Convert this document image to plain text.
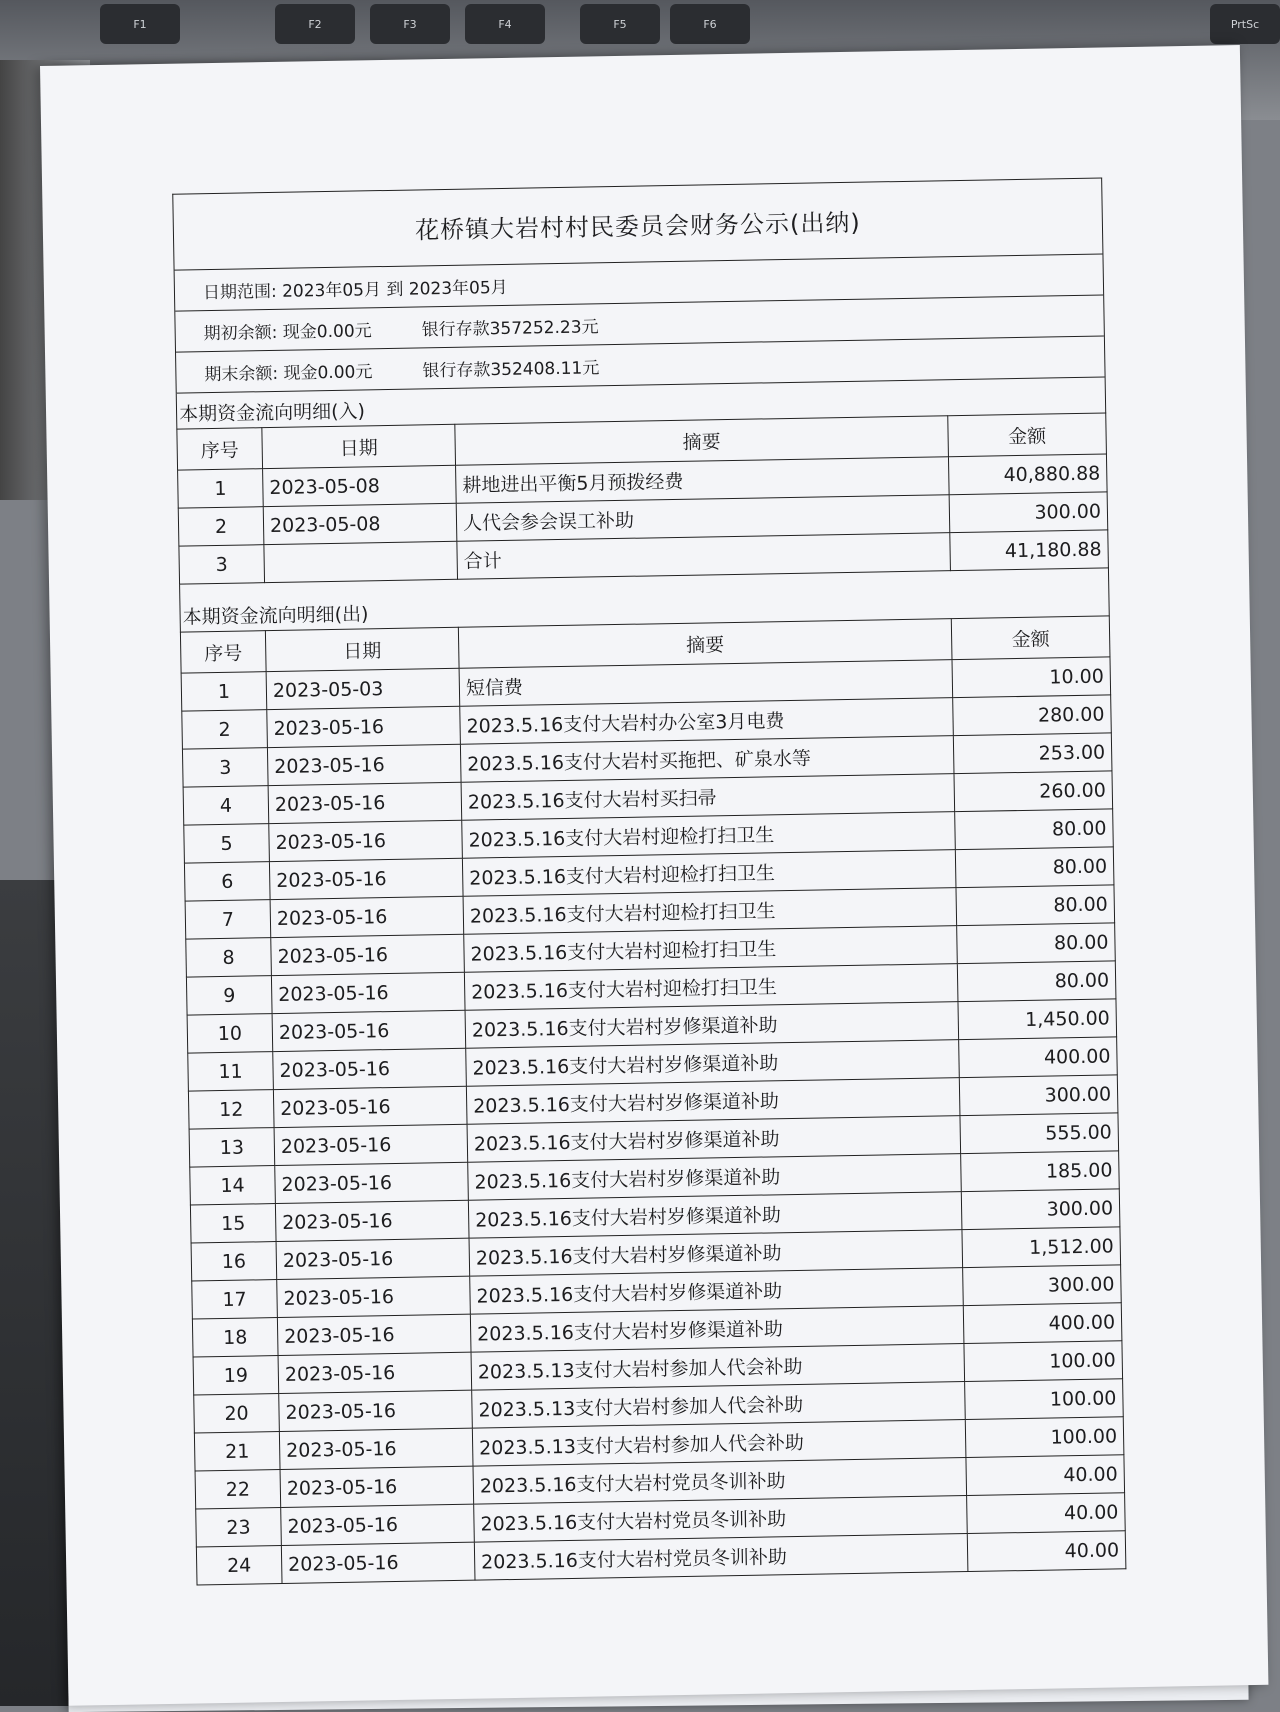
F1	F2	F3	F4	F5	F6	PrtSc
花桥镇大岩村村民委员会财务公示(出纳)
日期范围: 2023年05月 到 2023年05月
期初余额: 现金0.00元	银行存款357252.23元
期末余额: 现金0.00元	银行存款352408.11元
本期资金流向明细(入)
序号	日期	摘要	金额
1	2023-05-08	耕地进出平衡5月预拨经费	40,880.88
2	2023-05-08	人代会参会误工补助	300.00
3		合计	41,180.88
本期资金流向明细(出)
序号	日期	摘要	金额
1	2023-05-03	短信费	10.00
2	2023-05-16	2023.5.16支付大岩村办公室3月电费	280.00
3	2023-05-16	2023.5.16支付大岩村买拖把、矿泉水等	253.00
4	2023-05-16	2023.5.16支付大岩村买扫帚	260.00
5	2023-05-16	2023.5.16支付大岩村迎检打扫卫生	80.00
6	2023-05-16	2023.5.16支付大岩村迎检打扫卫生	80.00
7	2023-05-16	2023.5.16支付大岩村迎检打扫卫生	80.00
8	2023-05-16	2023.5.16支付大岩村迎检打扫卫生	80.00
9	2023-05-16	2023.5.16支付大岩村迎检打扫卫生	80.00
10	2023-05-16	2023.5.16支付大岩村岁修渠道补助	1,450.00
11	2023-05-16	2023.5.16支付大岩村岁修渠道补助	400.00
12	2023-05-16	2023.5.16支付大岩村岁修渠道补助	300.00
13	2023-05-16	2023.5.16支付大岩村岁修渠道补助	555.00
14	2023-05-16	2023.5.16支付大岩村岁修渠道补助	185.00
15	2023-05-16	2023.5.16支付大岩村岁修渠道补助	300.00
16	2023-05-16	2023.5.16支付大岩村岁修渠道补助	1,512.00
17	2023-05-16	2023.5.16支付大岩村岁修渠道补助	300.00
18	2023-05-16	2023.5.16支付大岩村岁修渠道补助	400.00
19	2023-05-16	2023.5.13支付大岩村参加人代会补助	100.00
20	2023-05-16	2023.5.13支付大岩村参加人代会补助	100.00
21	2023-05-16	2023.5.13支付大岩村参加人代会补助	100.00
22	2023-05-16	2023.5.16支付大岩村党员冬训补助	40.00
23	2023-05-16	2023.5.16支付大岩村党员冬训补助	40.00
24	2023-05-16	2023.5.16支付大岩村党员冬训补助	40.00
